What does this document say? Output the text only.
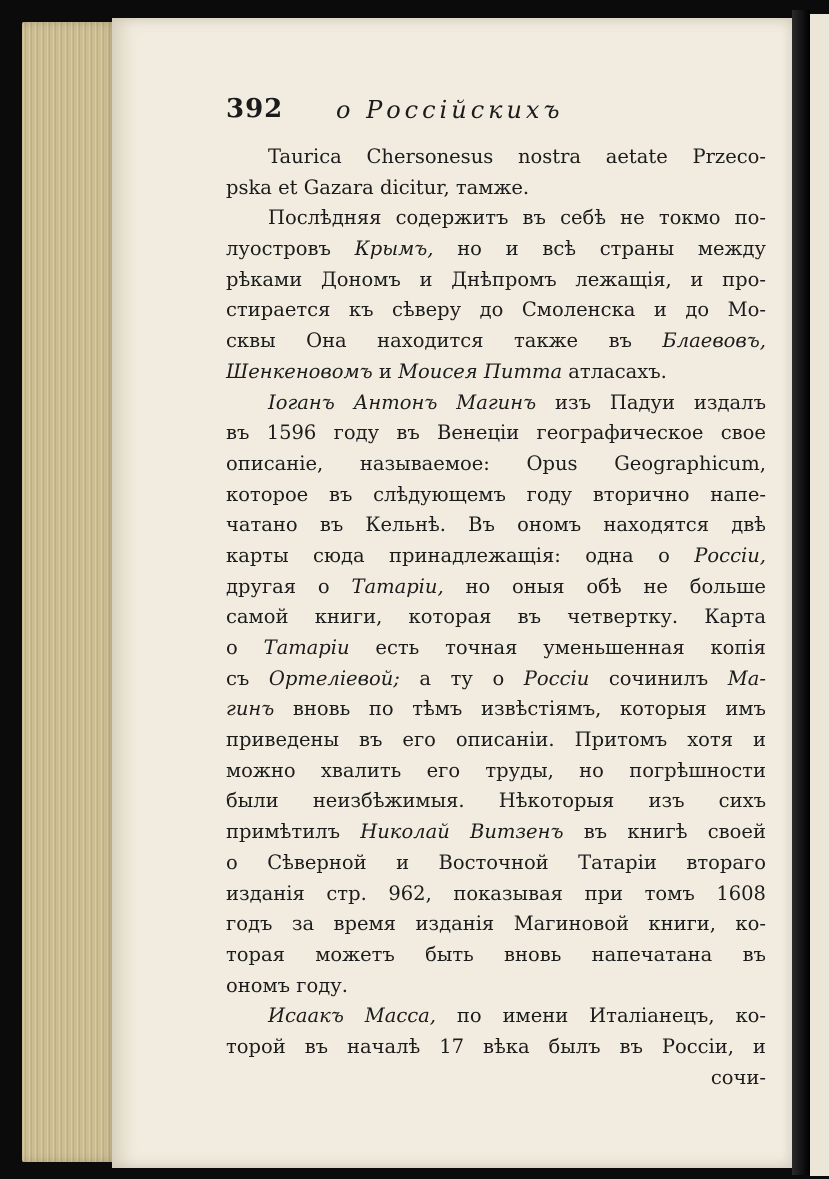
392 о Россійскихъ
Taurica Chersonesus nostra aetate Przeco-
pska
et
Gazara
dicitur,
тамже.
Послѣдняя содержитъ въ себѣ не токмо по-
луостровъ Крымъ, но и всѣ страны между
рѣками Дономъ и Днѣпромъ лежащія, и про-
стирается къ сѣверу до Смоленска и до Мо-
сквы Она находится также въ Блаевовъ,
Шенкеновомъ
и
Моисея
Питта
атласахъ.
Іоганъ Антонъ Магинъ изъ Падуи издалъ
въ 1596 году въ Венеціи географическое свое
описаніе, называемое: Opus Geographicum,
которое въ слѣдующемъ году вторично напе-
чатано въ Кельнѣ. Въ ономъ находятся двѣ
карты сюда принадлежащія: одна о Россіи,
другая о Татаріи, но оныя обѣ не больше
самой книги, которая въ четвертку. Карта
о Татаріи есть точная уменьшенная копія
съ Ортеліевой; а ту о Россіи сочинилъ Ма-
гинъ вновь по тѣмъ извѣстіямъ, которыя имъ
приведены въ его описаніи. Притомъ хотя и
можно хвалить его труды, но погрѣшности
были неизбѣжимыя. Нѣкоторыя изъ сихъ
примѣтилъ Николай Витзенъ въ книгѣ своей
о Сѣверной и Восточной Татаріи втораго
изданія стр. 962, показывая при томъ 1608
годъ за время изданія Магиновой книги, ко-
торая можетъ быть вновь напечатана въ
ономъ
году.
Исаакъ Масса, по имени Италіанецъ, ко-
торой въ началѣ 17 вѣка былъ въ Россіи, и
сочи-
